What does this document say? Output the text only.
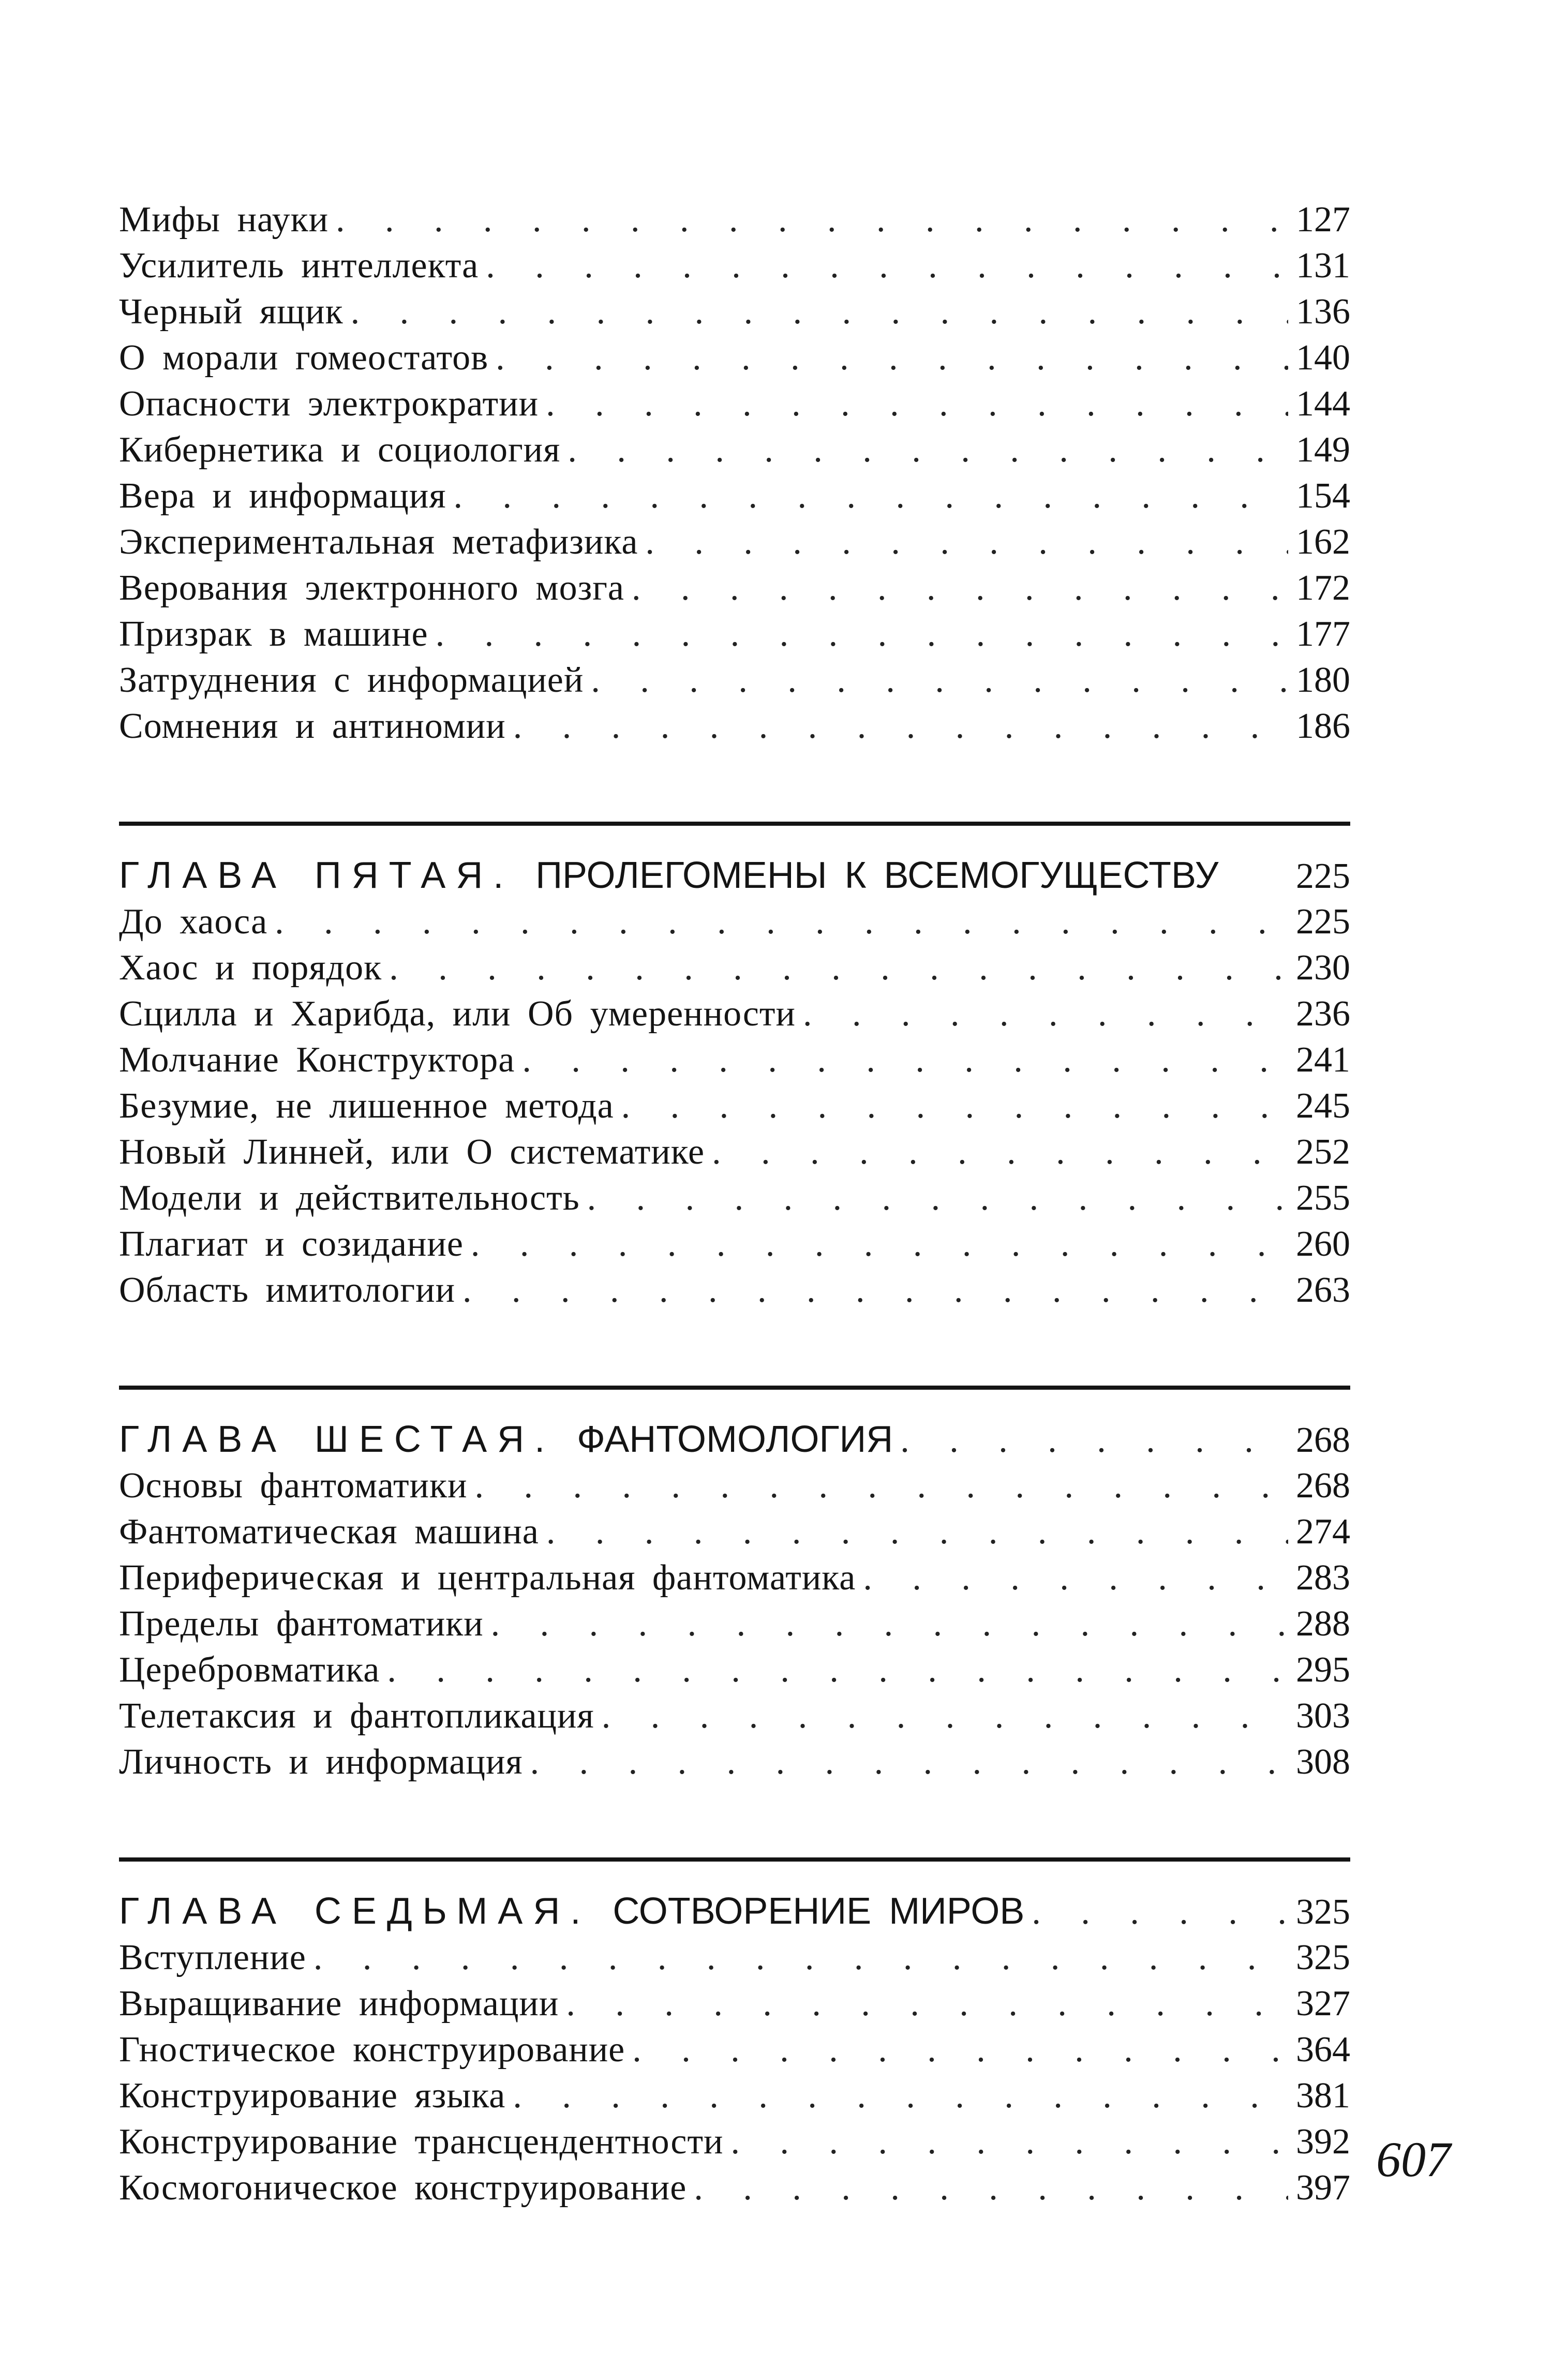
Мифы науки . . .	127
Усилитель интеллекта . . .	131
Черный ящик . . .	136
О морали гомеостатов . . .	140
Опасности электрократии . . .	144
Кибернетика и социология . . .	149
Вера и информация . . .	154
Экспериментальная метафизика . . .	162
Верования электронного мозга . . .	172
Призрак в машине . . .	177
Затруднения с информацией . . .	180
Сомнения и антиномии . . .	186
ГЛАВА ПЯТАЯ. ПРОЛЕГОМЕНЫ К ВСЕМОГУЩЕСТВУ 225
До хаоса . . .	225
Хаос и порядок . . .	230
Сцилла и Харибда, или Об умеренности . . .	236
Молчание Конструктора . . .	241
Безумие, не лишенное метода . . .	245
Новый Линней, или О систематике . . .	252
Модели и действительность . . .	255
Плагиат и созидание . . .	260
Область имитологии . . .	263
ГЛАВА ШЕСТАЯ. ФАНТОМОЛОГИЯ . . .	268
Основы фантоматики . . .	268
Фантоматическая машина . . .	274
Периферическая и центральная фантоматика . . .	283
Пределы фантоматики . . .	288
Церебровматика . . .	295
Телетаксия и фантопликация . . .	303
Личность и информация . . .	308
ГЛАВА СЕДЬМАЯ. СОТВОРЕНИЕ МИРОВ . . .	325
Вступление . . .	325
Выращивание информации . . .	327
Гностическое конструирование . . .	364
Конструирование языка . . .	381
Конструирование трансцендентности . . .	392
Космогоническое конструирование . . .	397
607
